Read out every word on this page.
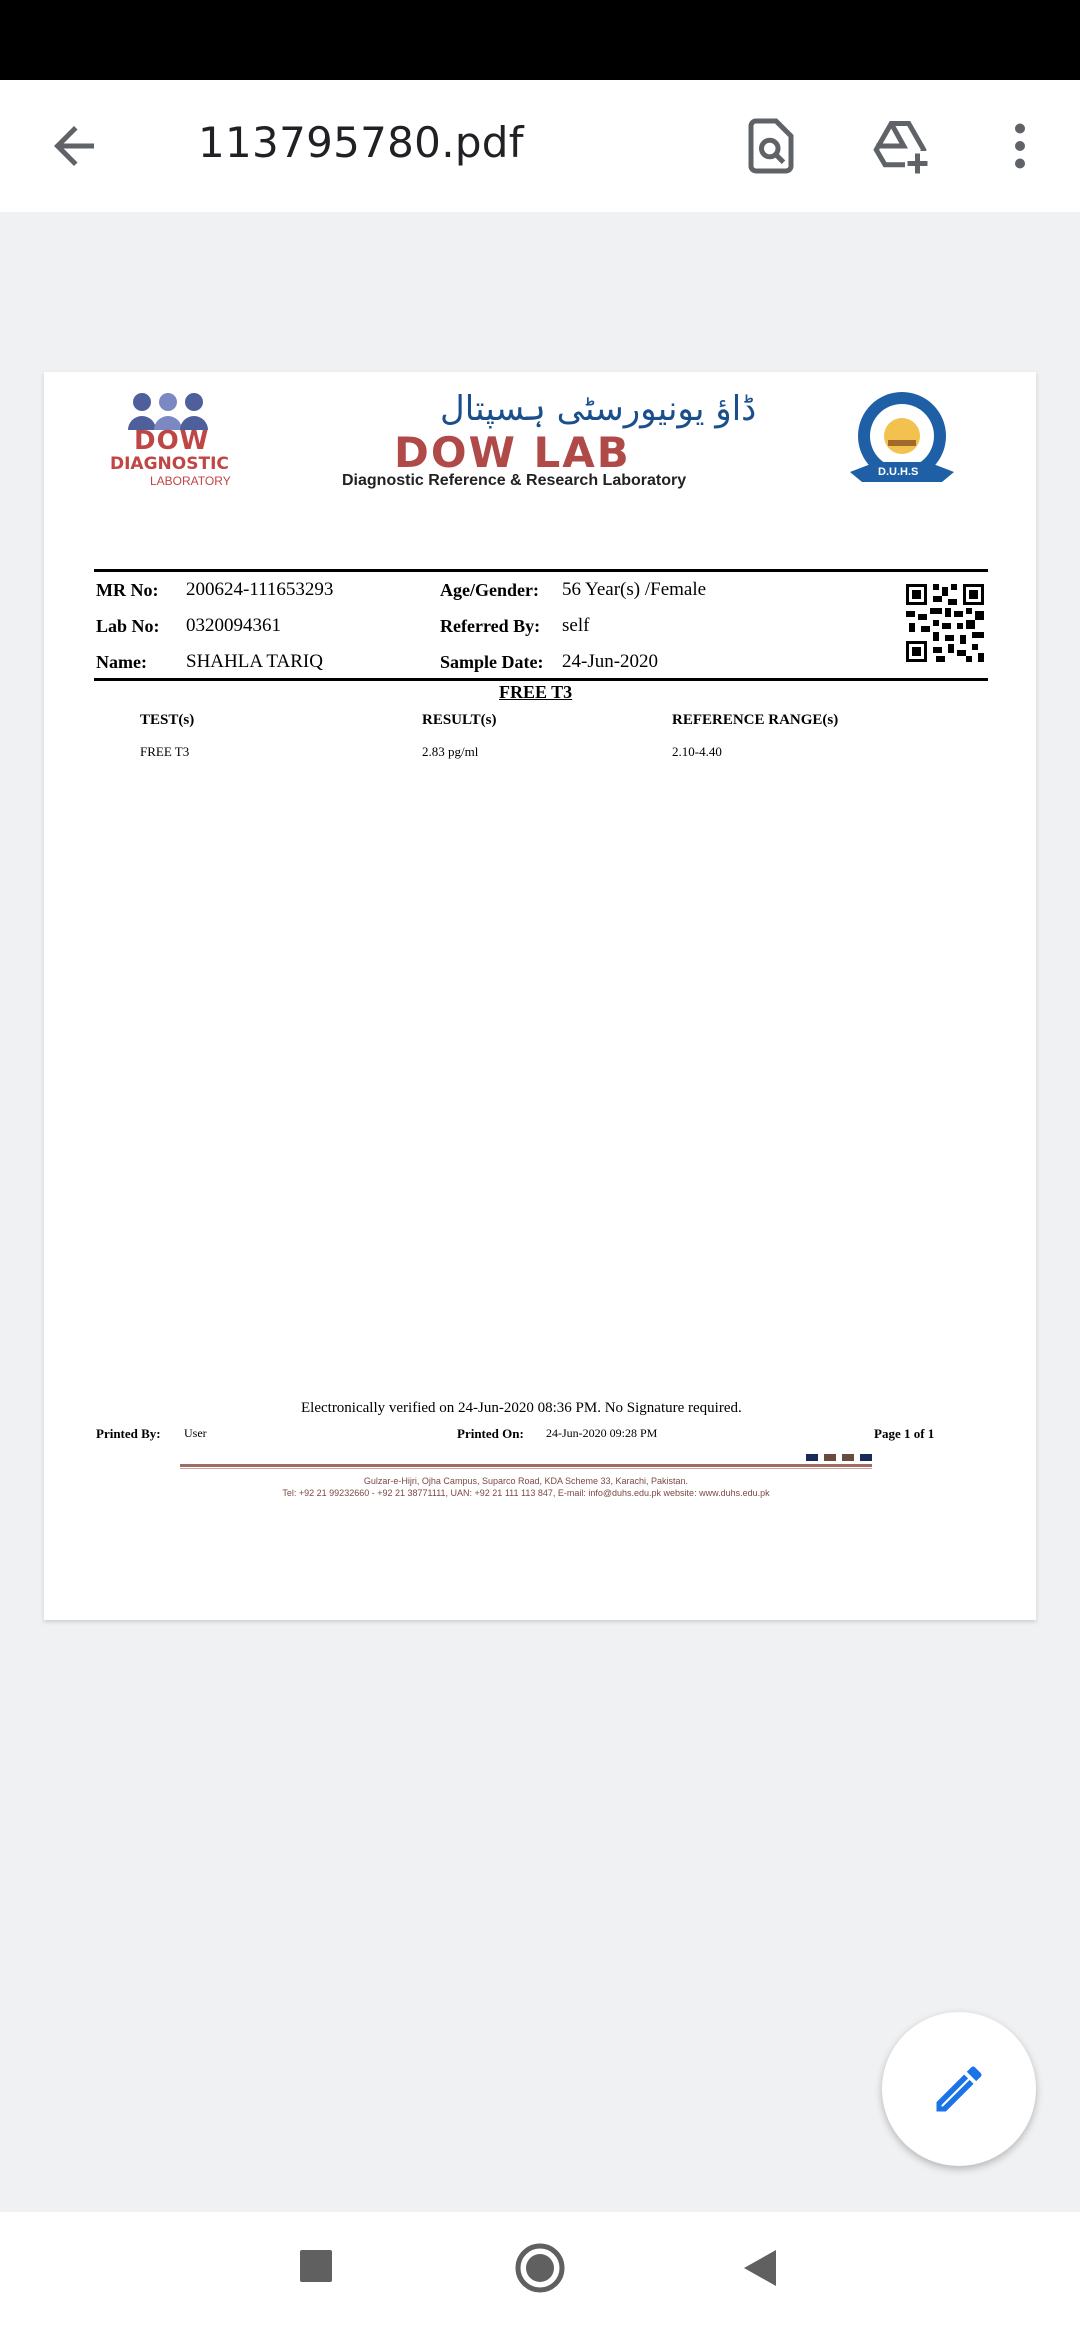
113795780.pdf
DOW
DIAGNOSTIC
LABORATORY
ڈاؤ یونیورسٹی ہسپتال
DOW LAB
Diagnostic Reference & Research Laboratory	D.U.H.S
MR No: 200624-111653293
Lab No: 0320094361
Name: SHAHLA TARIQ
Age/Gender: 56 Year(s) /Female
Referred By: self
Sample Date: 24-Jun-2020
FREE T3
TEST(s)	RESULT(s)	REFERENCE RANGE(s)
FREE T3	2.83 pg/ml	2.10-4.40
Electronically verified on 24-Jun-2020 08:36 PM. No Signature required.
Printed By: User	Printed On: 24-Jun-2020 09:28 PM	Page 1 of 1
Gulzar-e-Hijri, Ojha Campus, Suparco Road, KDA Scheme 33, Karachi, Pakistan.
Tel: +92 21 99232660 - +92 21 38771111, UAN: +92 21 111 113 847, E-mail: info@duhs.edu.pk website: www.duhs.edu.pk
